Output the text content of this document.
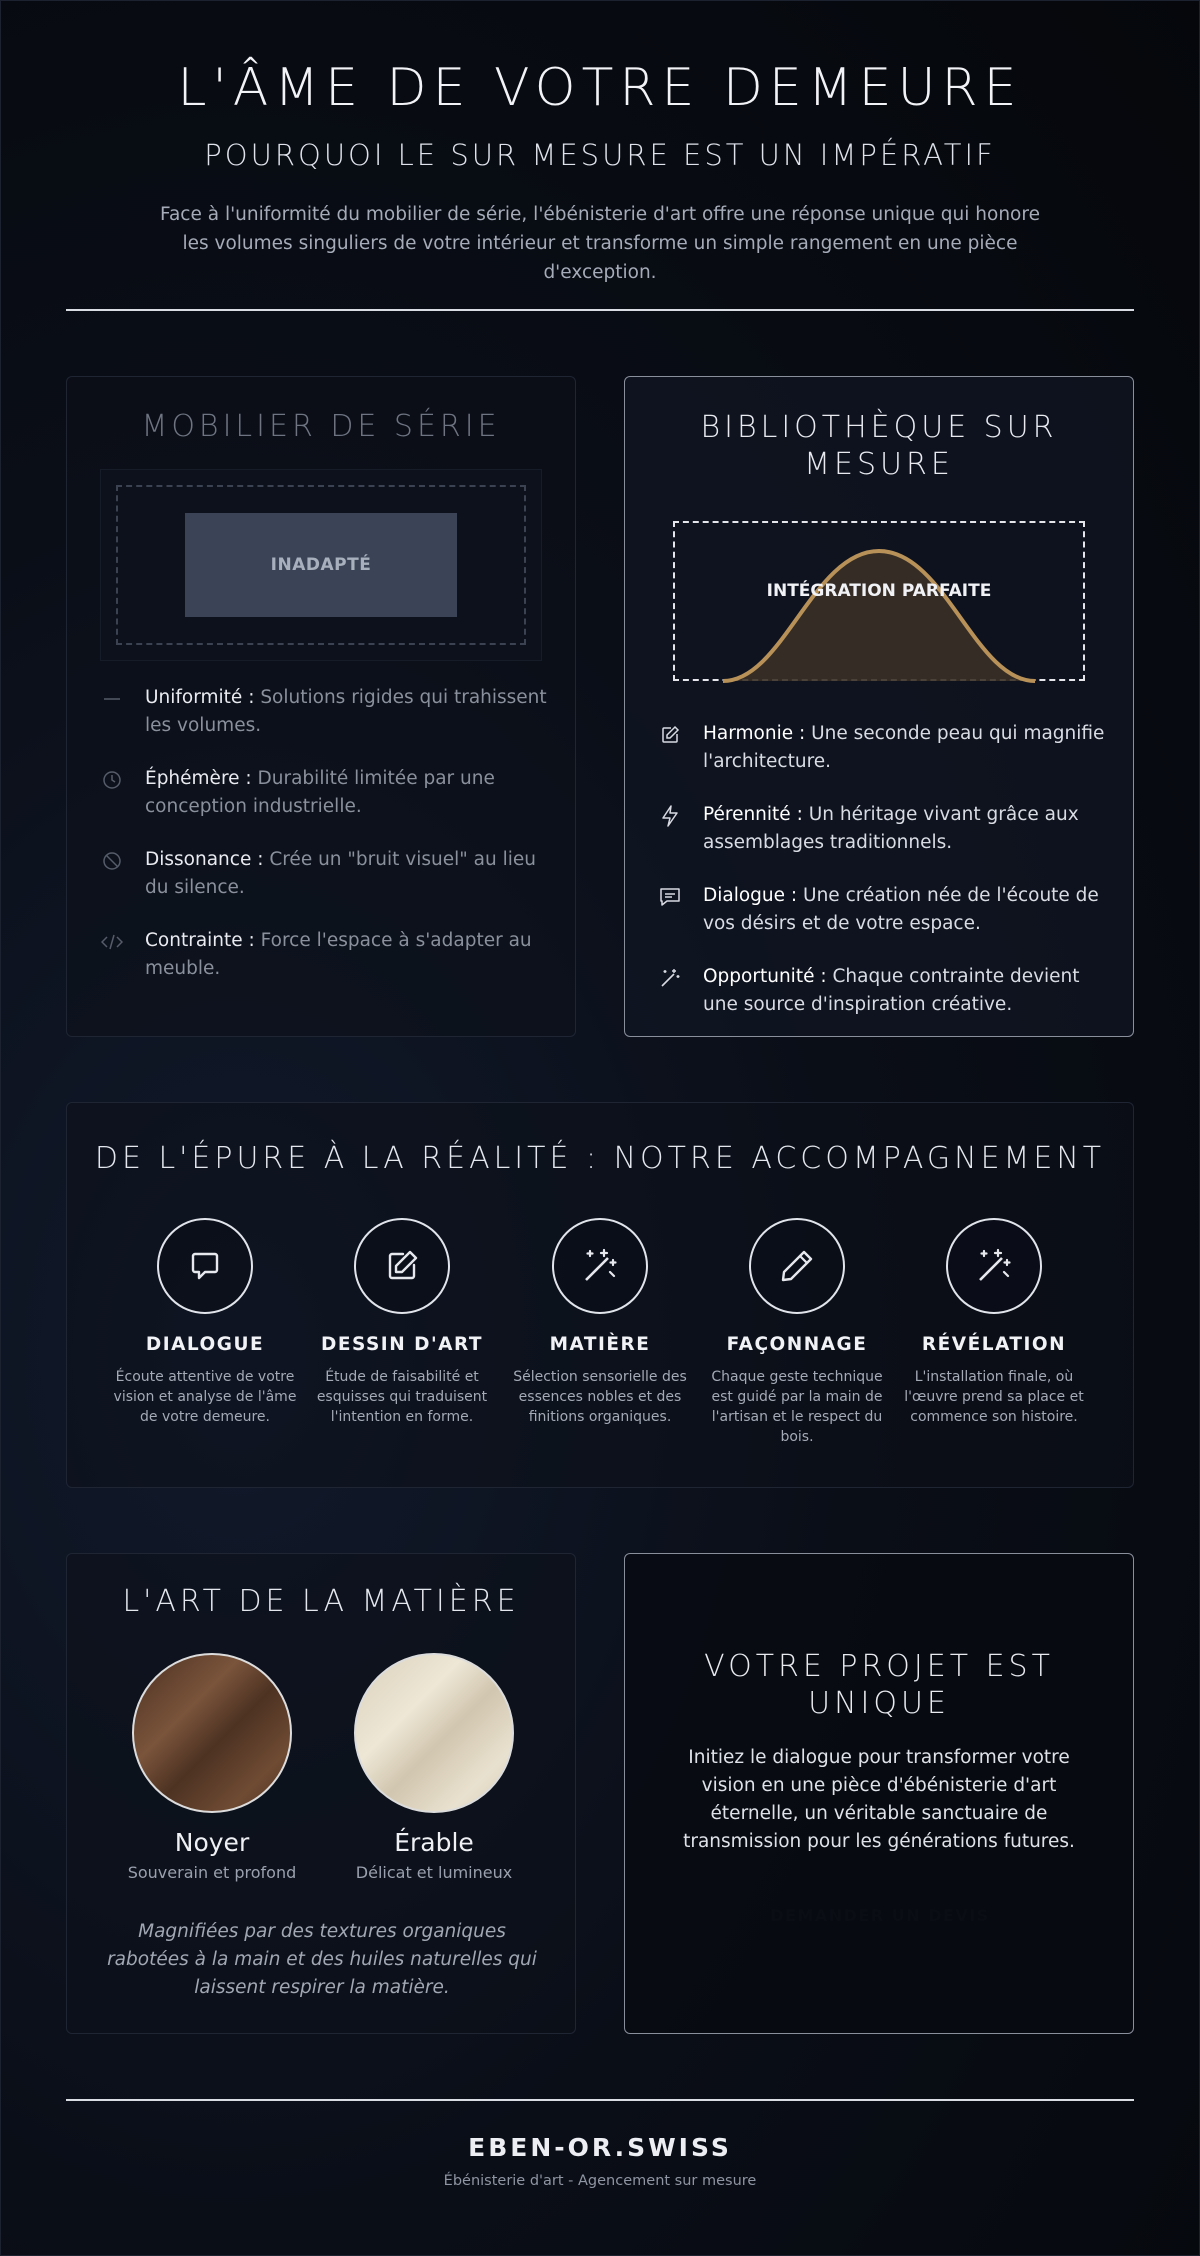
L'ÂME DE VOTRE DEMEURE
POURQUOI LE SUR MESURE EST UN IMPÉRATIF

Face à l'uniformité du mobilier de série, l'ébénisterie d'art offre une réponse unique qui honore les volumes singuliers de votre intérieur et transforme un simple rangement en une pièce d'exception.

MOBILIER DE SÉRIE
INADAPTÉ
Uniformité : Solutions rigides qui trahissent les volumes.
Éphémère : Durabilité limitée par une conception industrielle.
Dissonance : Crée un "bruit visuel" au lieu du silence.
Contrainte : Force l'espace à s'adapter au meuble.
BIBLIOTHÈQUE SUR MESURE
INTÉGRATION PARFAITE
Harmonie : Une seconde peau qui magnifie l'architecture.
Pérennité : Un héritage vivant grâce aux assemblages traditionnels.
Dialogue : Une création née de l'écoute de vos désirs et de votre espace.
Opportunité : Chaque contrainte devient une source d'inspiration créative.
DE L'ÉPURE À LA RÉALITÉ : NOTRE ACCOMPAGNEMENT
DIALOGUE
Écoute attentive de votre vision et analyse de l'âme de votre demeure.
DESSIN D'ART
Étude de faisabilité et esquisses qui traduisent l'intention en forme.
MATIÈRE
Sélection sensorielle des essences nobles et des finitions organiques.
FAÇONNAGE
Chaque geste technique est guidé par la main de l'artisan et le respect du bois.
RÉVÉLATION
L'installation finale, où l'œuvre prend sa place et commence son histoire.
L'ART DE LA MATIÈRE
Magnifiées par des textures organiques rabotées à la main et des huiles naturelles qui laissent respirer la matière.
Noyer
Souverain et profond
Érable
Délicat et lumineux
VOTRE PROJET EST UNIQUE
Initiez le dialogue pour transformer votre vision en une pièce d'ébénisterie d'art éternelle, un véritable sanctuaire de transmission pour les générations futures.
DEMANDER UN DEVIS
EBEN-OR.SWISS
Ébénisterie d'art - Agencement sur mesure
